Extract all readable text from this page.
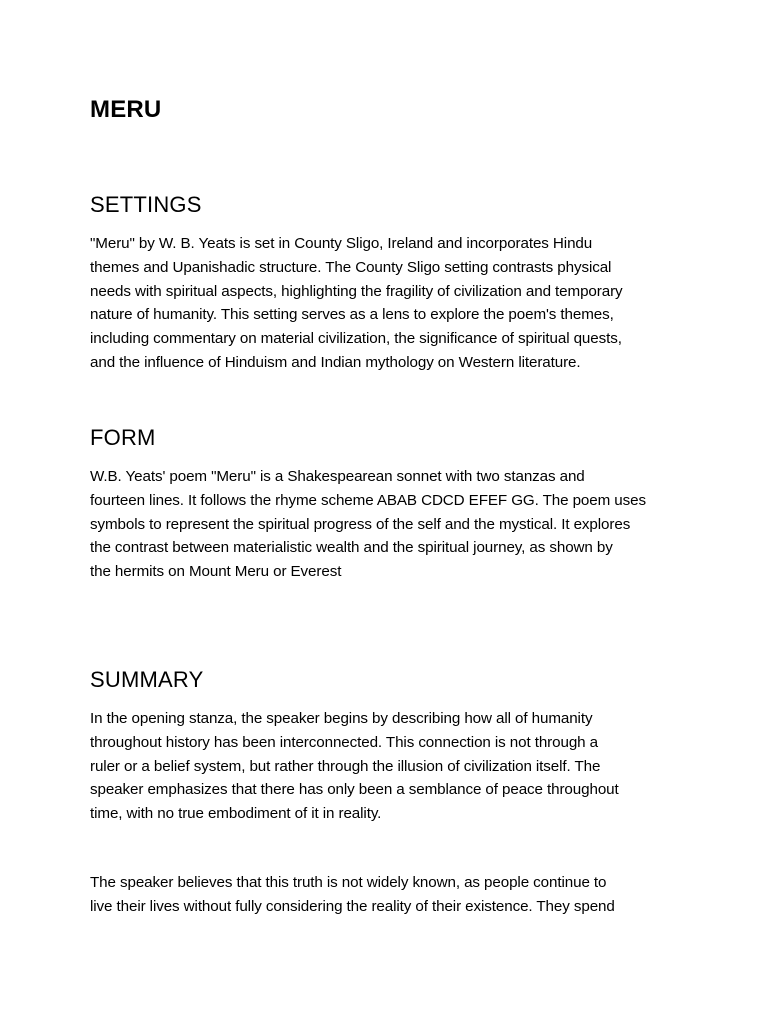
MERU
SETTINGS

"Meru" by W. B. Yeats is set in County Sligo, Ireland and incorporates Hindu
themes and Upanishadic structure. The County Sligo setting contrasts physical
needs with spiritual aspects, highlighting the fragility of civilization and temporary
nature of humanity. This setting serves as a lens to explore the poem's themes,
including commentary on material civilization, the significance of spiritual quests,
and the influence of Hinduism and Indian mythology on Western literature.

FORM

W.B. Yeats' poem "Meru" is a Shakespearean sonnet with two stanzas and
fourteen lines. It follows the rhyme scheme ABAB CDCD EFEF GG. The poem uses
symbols to represent the spiritual progress of the self and the mystical. It explores
the contrast between materialistic wealth and the spiritual journey, as shown by
the hermits on Mount Meru or Everest

SUMMARY

In the opening stanza, the speaker begins by describing how all of humanity
throughout history has been interconnected. This connection is not through a
ruler or a belief system, but rather through the illusion of civilization itself. The
speaker emphasizes that there has only been a semblance of peace throughout
time, with no true embodiment of it in reality.

The speaker believes that this truth is not widely known, as people continue to
live their lives without fully considering the reality of their existence. They spend
